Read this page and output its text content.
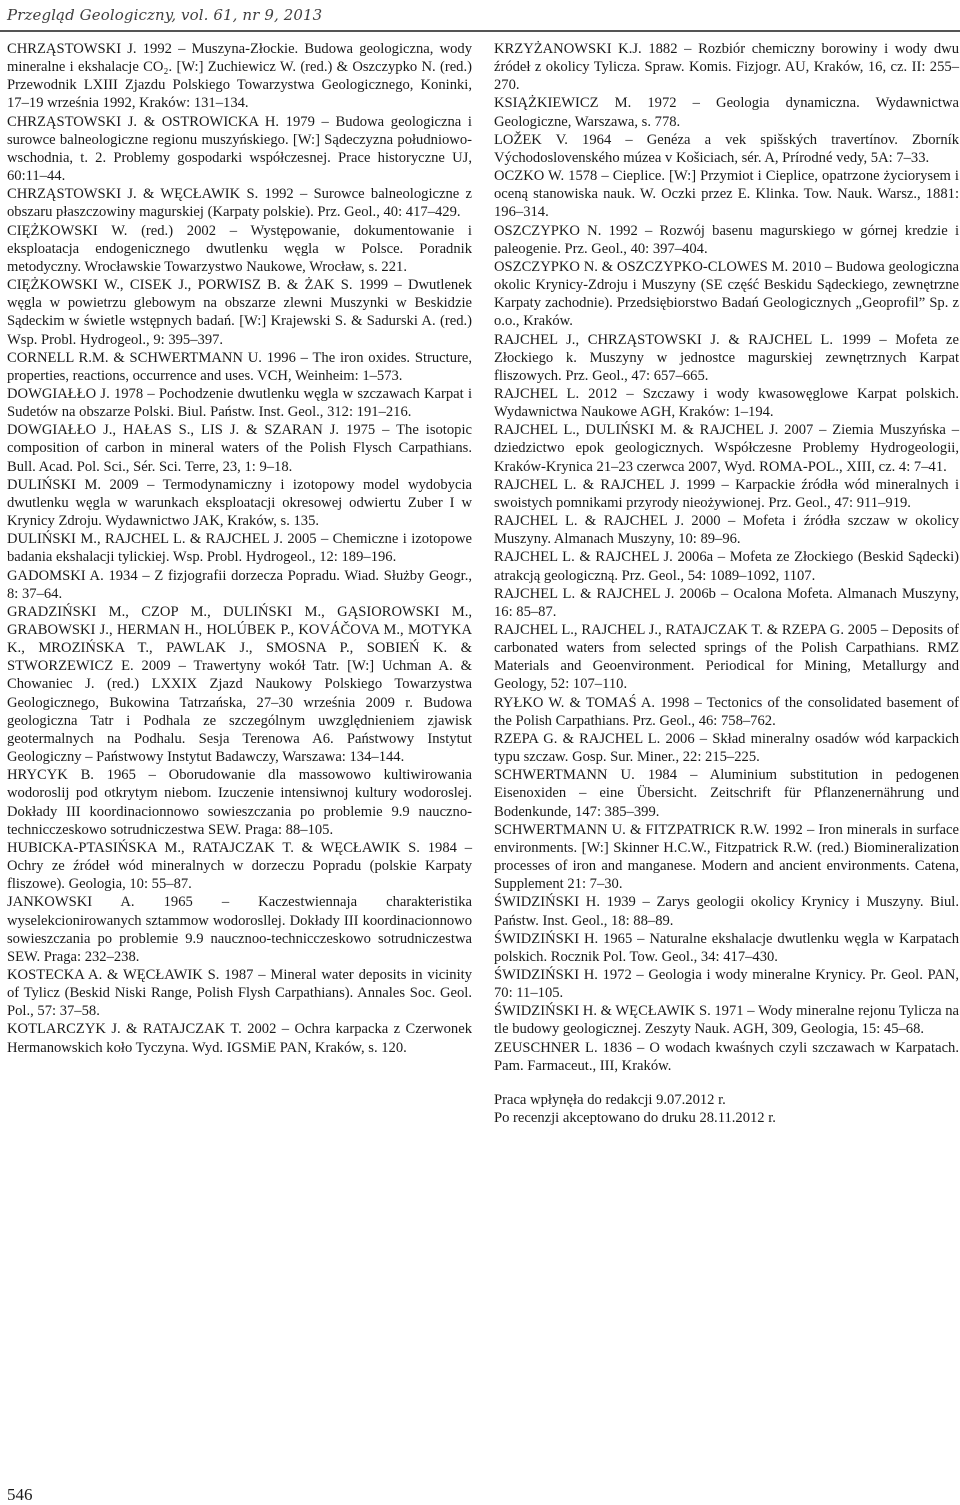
Przegląd Geologiczny, vol. 61, nr 9, 2013

CHRZĄSTOWSKI J. 1992 – Muszyna-Złockie. Budowa geologiczna, wody mineralne i ekshalacje CO₂. [W:] Zuchiewicz W. (red.) & Oszczypko N. (red.) Przewodnik LXIII Zjazdu Polskiego Towarzystwa Geologicznego, Koninki, 17–19 września 1992, Kraków: 131–134.

CHRZĄSTOWSKI J. & OSTROWICKA H. 1979 – Budowa geologiczna i surowce balneologiczne regionu muszyńskiego. [W:] Sądeczyzna południowo-wschodnia, t. 2. Problemy gospodarki współczesnej. Prace historyczne UJ, 60:11–44.

CHRZĄSTOWSKI J. & WĘCŁAWIK S. 1992 – Surowce balneologiczne z obszaru płaszczowiny magurskiej (Karpaty polskie). Prz. Geol., 40: 417–429.

CIĘŻKOWSKI W. (red.) 2002 – Występowanie, dokumentowanie i eksploatacja endogenicznego dwutlenku węgla w Polsce. Poradnik metodyczny. Wrocławskie Towarzystwo Naukowe, Wrocław, s. 221.

CIĘŻKOWSKI W., CISEK J., PORWISZ B. & ŻAK S. 1999 – Dwutlenek węgla w powietrzu glebowym na obszarze zlewni Muszynki w Beskidzie Sądeckim w świetle wstępnych badań. [W:] Krajewski S. & Sadurski A. (red.) Wsp. Probl. Hydrogeol., 9: 395–397.

CORNELL R.M. & SCHWERTMANN U. 1996 – The iron oxides. Structure, properties, reactions, occurrence and uses. VCH, Weinheim: 1–573.

DOWGIAŁŁO J. 1978 – Pochodzenie dwutlenku węgla w szczawach Karpat i Sudetów na obszarze Polski. Biul. Państw. Inst. Geol., 312: 191–216.

DOWGIAŁŁO J., HAŁAS S., LIS J. & SZARAN J. 1975 – The isotopic composition of carbon in mineral waters of the Polish Flysch Carpathians. Bull. Acad. Pol. Sci., Sér. Sci. Terre, 23, 1: 9–18.

DULIŃSKI M. 2009 – Termodynamiczny i izotopowy model wydobycia dwutlenku węgla w warunkach eksploatacji okresowej odwiertu Zuber I w Krynicy Zdroju. Wydawnictwo JAK, Kraków, s. 135.

DULIŃSKI M., RAJCHEL L. & RAJCHEL J. 2005 – Chemiczne i izotopowe badania ekshalacji tylickiej. Wsp. Probl. Hydrogeol., 12: 189–196.

GADOMSKI A. 1934 – Z fizjografii dorzecza Popradu. Wiad. Służby Geogr., 8: 37–64.

GRADZIŃSKI M., CZOP M., DULIŃSKI M., GĄSIOROWSKI M., GRABOWSKI J., HERMAN H., HOLÚBEK P., KOVÁČOVA M., MOTYKA K., MROZIŃSKA T., PAWLAK J., SMOSNA P., SOBIEŃ K. & STWORZEWICZ E. 2009 – Trawertyny wokół Tatr. [W:] Uchman A. & Chowaniec J. (red.) LXXIX Zjazd Naukowy Polskiego Towarzystwa Geologicznego, Bukowina Tatrzańska, 27–30 września 2009 r. Budowa geologiczna Tatr i Podhala ze szczególnym uwzględnieniem zjawisk geotermalnych na Podhalu. Sesja Terenowa A6. Państwowy Instytut Geologiczny – Państwowy Instytut Badawczy, Warszawa: 134–144.

HRYCYK B. 1965 – Oborudowanie dla massowowo kultiwirowania wodoroslij pod otkrytym niebom. Izuczenie intensiwnoj kultury wodoroslej. Dokłady III koordinacionnowo sowieszczania po problemie 9.9 nauczno-technicczeskowo sotrudniczestwa SEW. Praga: 88–105.

HUBICKA-PTASIŃSKA M., RATAJCZAK T. & WĘCŁAWIK S. 1984 – Ochry ze źródeł wód mineralnych w dorzeczu Popradu (polskie Karpaty fliszowe). Geologia, 10: 55–87.

JANKOWSKI A. 1965 – Kaczestwiennaja charakteristika wyselekcionirowanych sztammow wodorosllej. Dokłady III koordinacionnowo sowieszczania po problemie 9.9 naucznoo-technicczeskowo sotrudniczestwa SEW. Praga: 232–238.

KOSTECKA A. & WĘCŁAWIK S. 1987 – Mineral water deposits in vicinity of Tylicz (Beskid Niski Range, Polish Flysh Carpathians). Annales Soc. Geol. Pol., 57: 37–58.

KOTLARCZYK J. & RATAJCZAK T. 2002 – Ochra karpacka z Czerwonek Hermanowskich koło Tyczyna. Wyd. IGSMiE PAN, Kraków, s. 120.

KRZYŻANOWSKI K.J. 1882 – Rozbiór chemiczny borowiny i wody dwu źródeł z okolicy Tylicza. Spraw. Komis. Fizjogr. AU, Kraków, 16, cz. II: 255–270.

KSIĄŻKIEWICZ M. 1972 – Geologia dynamiczna. Wydawnictwa Geologiczne, Warszawa, s. 778.

LOŽEK V. 1964 – Genéza a vek spišských travertínov. Zborník Východoslovenského múzea v Košiciach, sér. A, Prírodné vedy, 5A: 7–33.

OCZKO W. 1578 – Cieplice. [W:] Przymiot i Cieplice, opatrzone życiorysem i oceną stanowiska nauk. W. Oczki przez E. Klinka. Tow. Nauk. Warsz., 1881: 196–314.

OSZCZYPKO N. 1992 – Rozwój basenu magurskiego w górnej kredzie i paleogenie. Prz. Geol., 40: 397–404.

OSZCZYPKO N. & OSZCZYPKO-CLOWES M. 2010 – Budowa geologiczna okolic Krynicy-Zdroju i Muszyny (SE część Beskidu Sądeckiego, zewnętrzne Karpaty zachodnie). Przedsiębiorstwo Badań Geologicznych „Geoprofil” Sp. z o.o., Kraków.

RAJCHEL J., CHRZĄSTOWSKI J. & RAJCHEL L. 1999 – Mofeta ze Złockiego k. Muszyny w jednostce magurskiej zewnętrznych Karpat fliszowych. Prz. Geol., 47: 657–665.

RAJCHEL L. 2012 – Szczawy i wody kwasowęglowe Karpat polskich. Wydawnictwa Naukowe AGH, Kraków: 1–194.

RAJCHEL L., DULIŃSKI M. & RAJCHEL J. 2007 – Ziemia Muszyńska – dziedzictwo epok geologicznych. Współczesne Problemy Hydrogeologii, Kraków-Krynica 21–23 czerwca 2007, Wyd. ROMA-POL., XIII, cz. 4: 7–41.

RAJCHEL L. & RAJCHEL J. 1999 – Karpackie źródła wód mineralnych i swoistych pomnikami przyrody nieożywionej. Prz. Geol., 47: 911–919.

RAJCHEL L. & RAJCHEL J. 2000 – Mofeta i źródła szczaw w okolicy Muszyny. Almanach Muszyny, 10: 89–96.

RAJCHEL L. & RAJCHEL J. 2006a – Mofeta ze Złockiego (Beskid Sądecki) atrakcją geologiczną. Prz. Geol., 54: 1089–1092, 1107.

RAJCHEL L. & RAJCHEL J. 2006b – Ocalona Mofeta. Almanach Muszyny, 16: 85–87.

RAJCHEL L., RAJCHEL J., RATAJCZAK T. & RZEPA G. 2005 – Deposits of carbonated waters from selected springs of the Polish Carpathians. RMZ Materials and Geoenvironment. Periodical for Mining, Metallurgy and Geology, 52: 107–110.

RYŁKO W. & TOMAŚ A. 1998 – Tectonics of the consolidated basement of the Polish Carpathians. Prz. Geol., 46: 758–762.

RZEPA G. & RAJCHEL L. 2006 – Skład mineralny osadów wód karpackich typu szczaw. Gosp. Sur. Miner., 22: 215–225.

SCHWERTMANN U. 1984 – Aluminium substitution in pedogenen Eisenoxiden – eine Übersicht. Zeitschrift für Pflanzenernährung und Bodenkunde, 147: 385–399.

SCHWERTMANN U. & FITZPATRICK R.W. 1992 – Iron minerals in surface environments. [W:] Skinner H.C.W., Fitzpatrick R.W. (red.) Biomineralization processes of iron and manganese. Modern and ancient environments. Catena, Supplement 21: 7–30.

ŚWIDZIŃSKI H. 1939 – Zarys geologii okolicy Krynicy i Muszyny. Biul. Państw. Inst. Geol., 18: 88–89.

ŚWIDZIŃSKI H. 1965 – Naturalne ekshalacje dwutlenku węgla w Karpatach polskich. Rocznik Pol. Tow. Geol., 34: 417–430.

ŚWIDZIŃSKI H. 1972 – Geologia i wody mineralne Krynicy. Pr. Geol. PAN, 70: 11–105.

ŚWIDZIŃSKI H. & WĘCŁAWIK S. 1971 – Wody mineralne rejonu Tylicza na tle budowy geologicznej. Zeszyty Nauk. AGH, 309, Geologia, 15: 45–68.

ZEUSCHNER L. 1836 – O wodach kwaśnych czyli szczawach w Karpatach. Pam. Farmaceut., III, Kraków.

Praca wpłynęła do redakcji 9.07.2012 r.

Po recenzji akceptowano do druku 28.11.2012 r.

546
